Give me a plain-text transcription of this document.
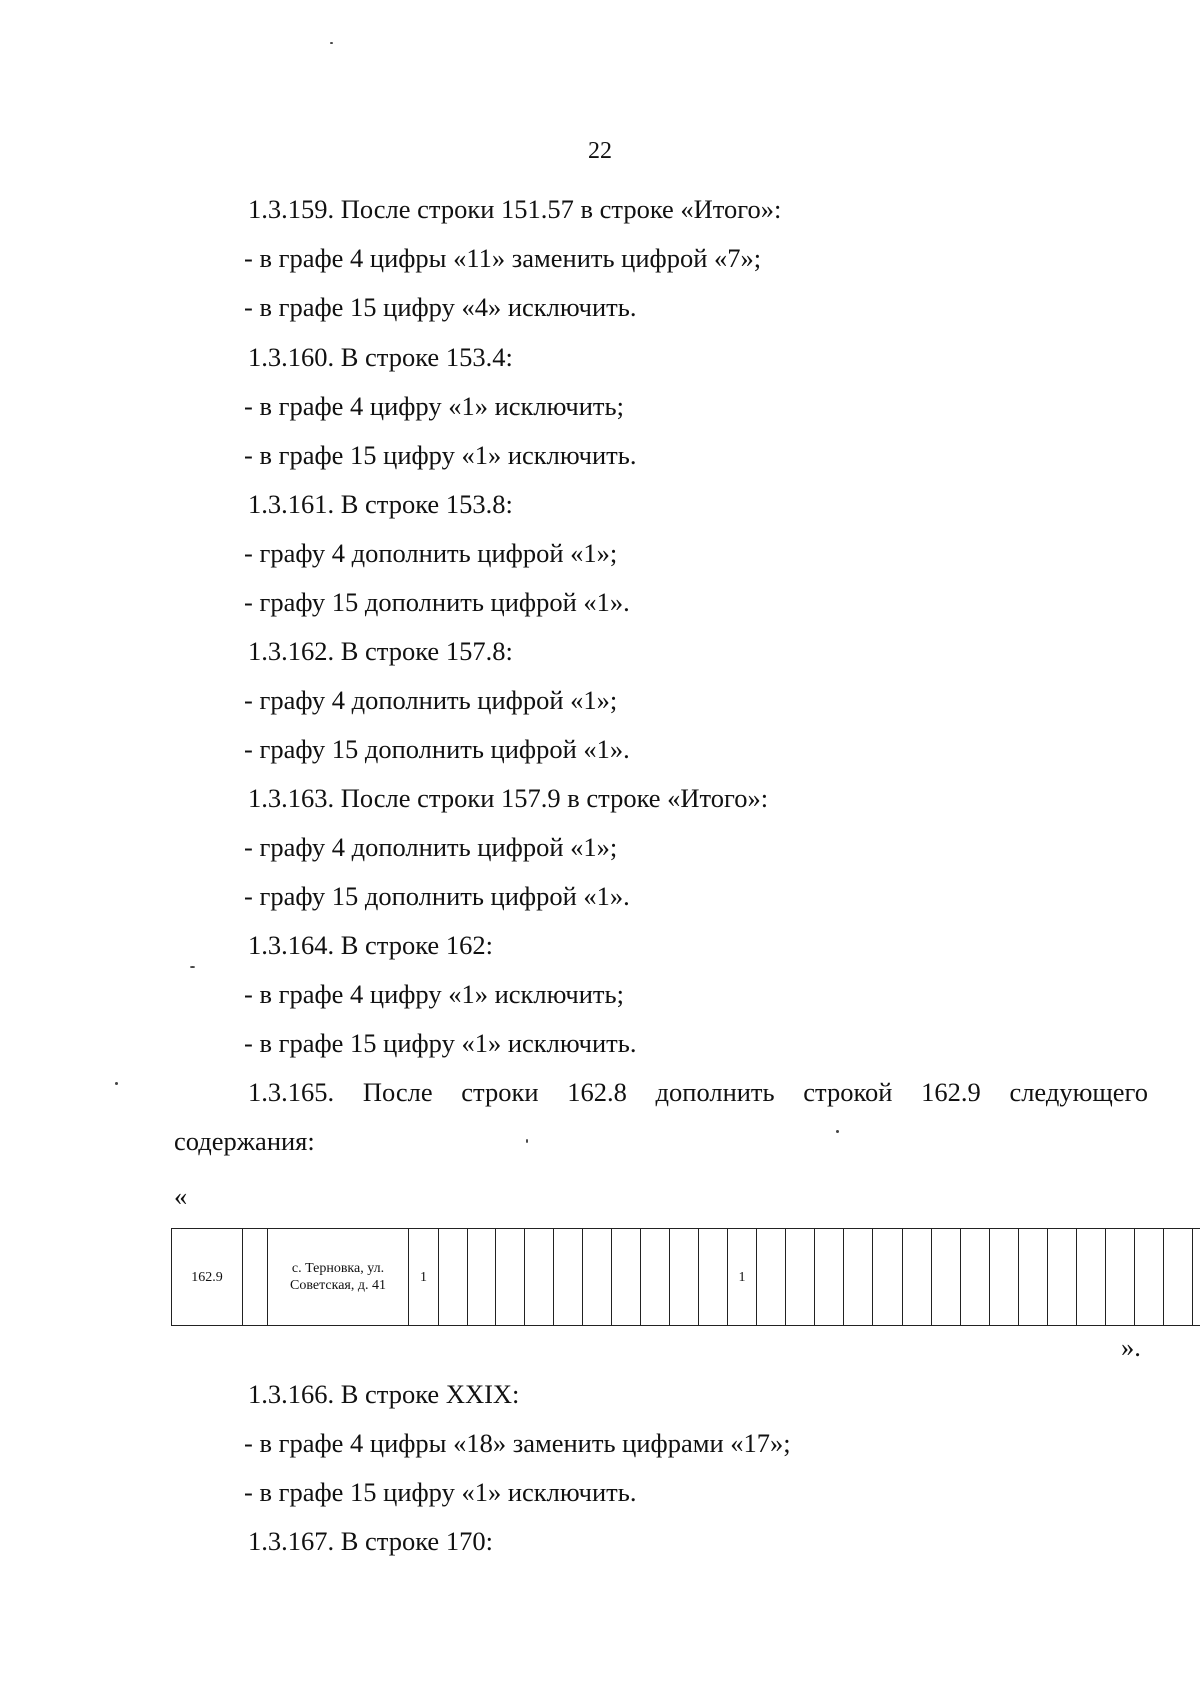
22
1.3.159. После строки 151.57 в строке «Итого»:
- в графе 4 цифры «11» заменить цифрой «7»;
- в графе 15 цифру «4» исключить.
1.3.160. В строке 153.4:
- в графе 4 цифру «1» исключить;
- в графе 15 цифру «1» исключить.
1.3.161. В строке 153.8:
- графу 4 дополнить цифрой «1»;
- графу 15 дополнить цифрой «1».
1.3.162. В строке 157.8:
- графу 4 дополнить цифрой «1»;
- графу 15 дополнить цифрой «1».
1.3.163. После строки 157.9 в строке «Итого»:
- графу 4 дополнить цифрой «1»;
- графу 15 дополнить цифрой «1».
1.3.164. В строке 162:
- в графе 4 цифру «1» исключить;
- в графе 15 цифру «1» исключить.
1.3.165. После строки 162.8 дополнить строкой 162.9 следующего
содержания:
«
162.9		с. Терновка, ул. Советская, д. 41	1											1																	
».
1.3.166. В строке XXIX:
- в графе 4 цифры «18» заменить цифрами «17»;
- в графе 15 цифру «1» исключить.
1.3.167. В строке 170:
